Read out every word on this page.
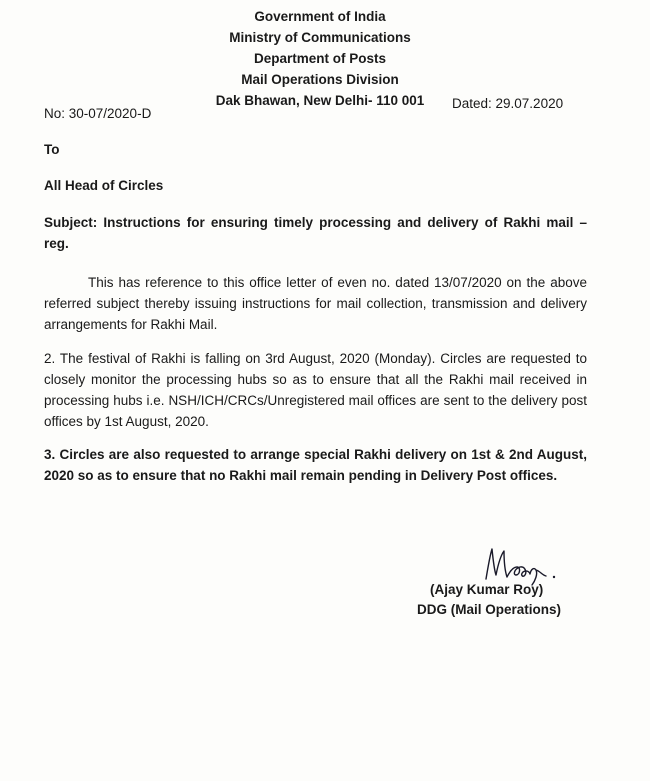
Government of India
Ministry of Communications
Department of Posts
Mail Operations Division
Dak Bhawan, New Delhi- 110 001
No: 30-07/2020-D
Dated: 29.07.2020
To
All Head of Circles
Subject: Instructions for ensuring timely processing and delivery of Rakhi mail – reg.
This has reference to this office letter of even no. dated 13/07/2020 on the above referred subject thereby issuing instructions for mail collection, transmission and delivery arrangements for Rakhi Mail.
2. The festival of Rakhi is falling on 3rd August, 2020 (Monday). Circles are requested to closely monitor the processing hubs so as to ensure that all the Rakhi mail received in processing hubs i.e. NSH/ICH/CRCs/Unregistered mail offices are sent to the delivery post offices by 1st August, 2020.
3. Circles are also requested to arrange special Rakhi delivery on 1st & 2nd August, 2020 so as to ensure that no Rakhi mail remain pending in Delivery Post offices.
(Ajay Kumar Roy)
DDG (Mail Operations)
